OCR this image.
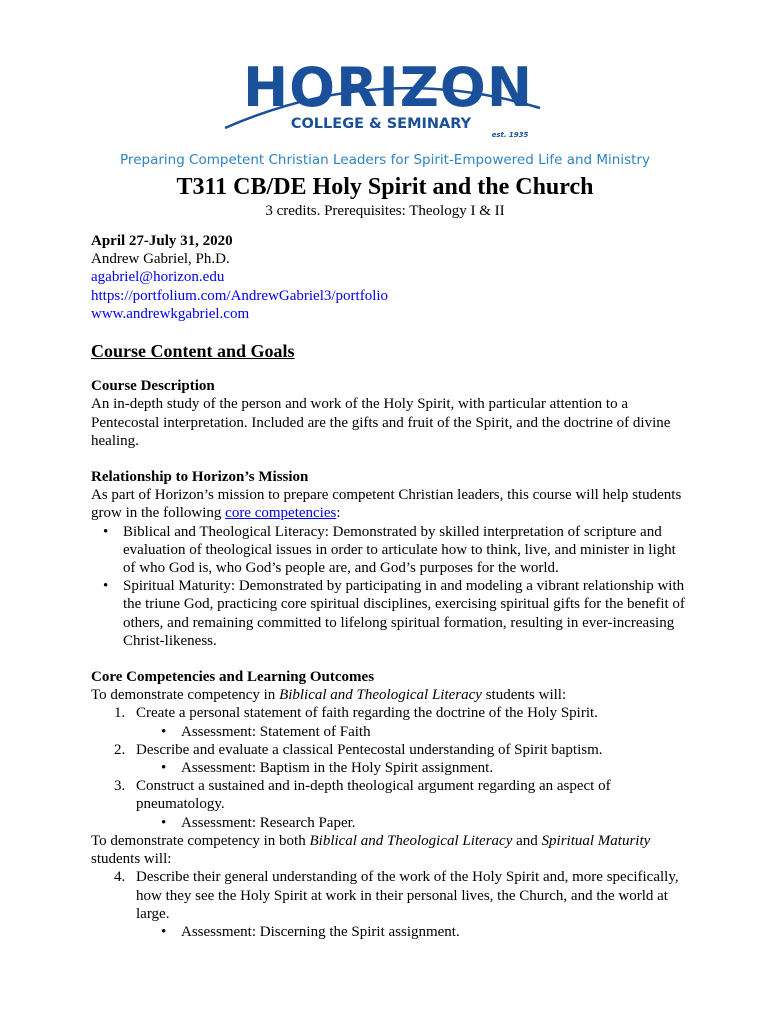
HORIZON
COLLEGE & SEMINARY
est. 1935
Preparing Competent Christian Leaders for Spirit-Empowered Life and Ministry
T311 CB/DE Holy Spirit and the Church
3 credits. Prerequisites: Theology I & II

April 27-July 31, 2020

Andrew Gabriel, Ph.D.

agabriel@horizon.edu

https://portfolium.com/AndrewGabriel3/portfolio

www.andrewkgabriel.com

Course Content and Goals

Course Description

An in-depth study of the person and work of the Holy Spirit, with particular attention to a Pentecostal interpretation. Included are the gifts and fruit of the Spirit, and the doctrine of divine healing.

Relationship to Horizon’s Mission

As part of Horizon’s mission to prepare competent Christian leaders, this course will help students grow in the following core competencies:

• Biblical and Theological Literacy: Demonstrated by skilled interpretation of scripture and evaluation of theological issues in order to articulate how to think, live, and minister in light of who God is, who God’s people are, and God’s purposes for the world.
• Spiritual Maturity: Demonstrated by participating in and modeling a vibrant relationship with the triune God, practicing core spiritual disciplines, exercising spiritual gifts for the benefit of others, and remaining committed to lifelong spiritual formation, resulting in ever-increasing Christ-likeness.

Core Competencies and Learning Outcomes

To demonstrate competency in Biblical and Theological Literacy students will:

1. Create a personal statement of faith regarding the doctrine of the Holy Spirit.
• Assessment: Statement of Faith
2. Describe and evaluate a classical Pentecostal understanding of Spirit baptism.
• Assessment: Baptism in the Holy Spirit assignment.
3. Construct a sustained and in-depth theological argument regarding an aspect of pneumatology.
• Assessment: Research Paper.

To demonstrate competency in both Biblical and Theological Literacy and Spiritual Maturity students will:

4. Describe their general understanding of the work of the Holy Spirit and, more specifically, how they see the Holy Spirit at work in their personal lives, the Church, and the world at large.
• Assessment: Discerning the Spirit assignment.
